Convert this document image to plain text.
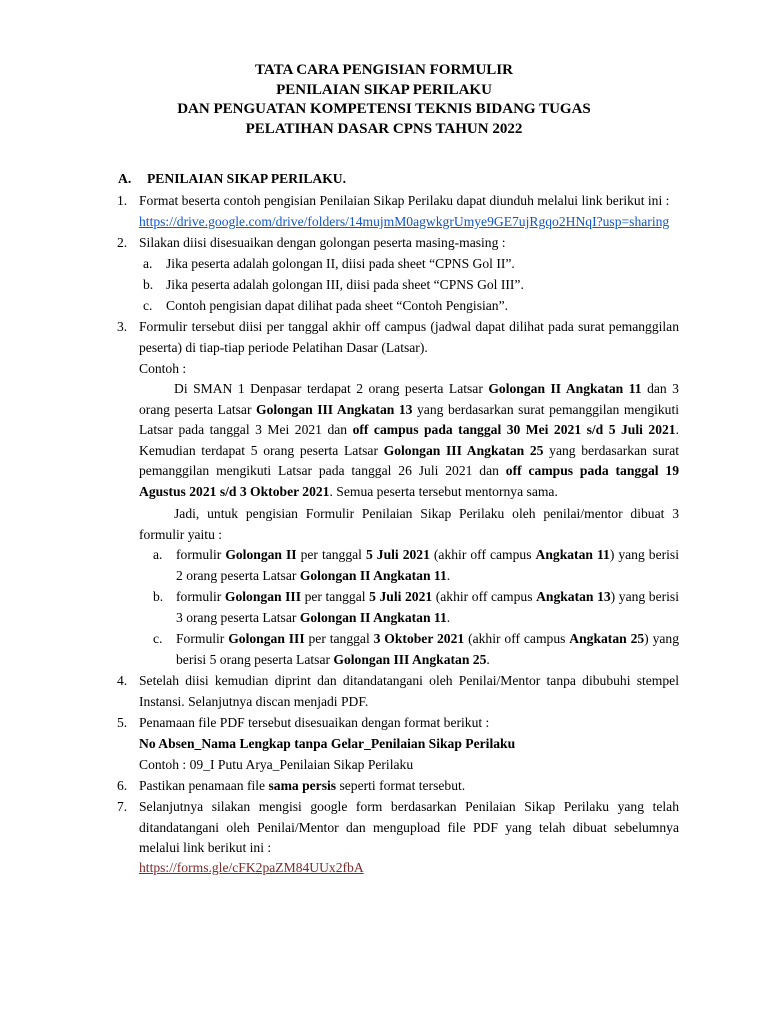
TATA CARA PENGISIAN FORMULIR
PENILAIAN SIKAP PERILAKU
DAN PENGUATAN KOMPETENSI TEKNIS BIDANG TUGAS
PELATIHAN DASAR CPNS TAHUN 2022
A. PENILAIAN SIKAP PERILAKU.
1. Format beserta contoh pengisian Penilaian Sikap Perilaku dapat diunduh melalui link berikut ini :
https://drive.google.com/drive/folders/14mujmM0agwkgrUmye9GE7ujRgqo2HNqI?usp=sharing
2. Silakan diisi disesuaikan dengan golongan peserta masing-masing :
a. Jika peserta adalah golongan II, diisi pada sheet “CPNS Gol II”.
b. Jika peserta adalah golongan III, diisi pada sheet “CPNS Gol III”.
c. Contoh pengisian dapat dilihat pada sheet “Contoh Pengisian”.
3. Formulir tersebut diisi per tanggal akhir off campus (jadwal dapat dilihat pada surat pemanggilan peserta) di tiap-tiap periode Pelatihan Dasar (Latsar).
Contoh :
Di SMAN 1 Denpasar terdapat 2 orang peserta Latsar Golongan II Angkatan 11 dan 3 orang peserta Latsar Golongan III Angkatan 13 yang berdasarkan surat pemanggilan mengikuti Latsar pada tanggal 3 Mei 2021 dan off campus pada tanggal 30 Mei 2021 s/d 5 Juli 2021. Kemudian terdapat 5 orang peserta Latsar Golongan III Angkatan 25 yang berdasarkan surat pemanggilan mengikuti Latsar pada tanggal 26 Juli 2021 dan off campus pada tanggal 19 Agustus 2021 s/d 3 Oktober 2021. Semua peserta tersebut mentornya sama.
Jadi, untuk pengisian Formulir Penilaian Sikap Perilaku oleh penilai/mentor dibuat 3 formulir yaitu :
a. formulir Golongan II per tanggal 5 Juli 2021 (akhir off campus Angkatan 11) yang berisi 2 orang peserta Latsar Golongan II Angkatan 11.
b. formulir Golongan III per tanggal 5 Juli 2021 (akhir off campus Angkatan 13) yang berisi 3 orang peserta Latsar Golongan II Angkatan 11.
c. Formulir Golongan III per tanggal 3 Oktober 2021 (akhir off campus Angkatan 25) yang berisi 5 orang peserta Latsar Golongan III Angkatan 25.
4. Setelah diisi kemudian diprint dan ditandatangani oleh Penilai/Mentor tanpa dibubuhi stempel Instansi. Selanjutnya discan menjadi PDF.
5. Penamaan file PDF tersebut disesuaikan dengan format berikut :
No Absen_Nama Lengkap tanpa Gelar_Penilaian Sikap Perilaku
Contoh : 09_I Putu Arya_Penilaian Sikap Perilaku
6. Pastikan penamaan file sama persis seperti format tersebut.
7. Selanjutnya silakan mengisi google form berdasarkan Penilaian Sikap Perilaku yang telah ditandatangani oleh Penilai/Mentor dan mengupload file PDF yang telah dibuat sebelumnya melalui link berikut ini :
https://forms.gle/cFK2paZM84UUx2fbA
